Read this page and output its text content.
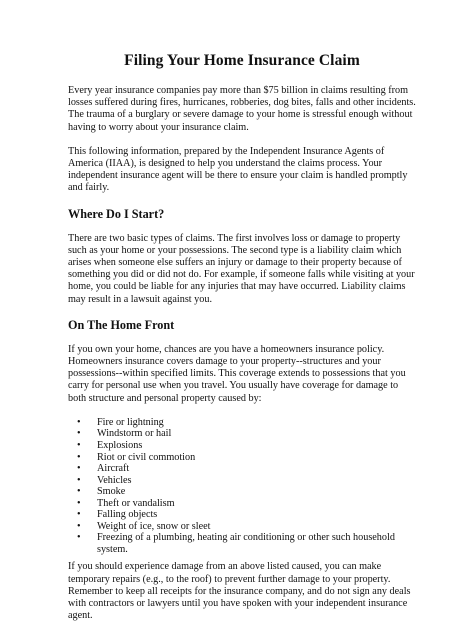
Filing Your Home Insurance Claim

Every year insurance companies pay more than $75 billion in claims resulting from losses suffered during fires, hurricanes, robberies, dog bites, falls and other incidents. The trauma of a burglary or severe damage to your home is stressful enough without having to worry about your insurance claim.

This following information, prepared by the Independent Insurance Agents of America (IIAA), is designed to help you understand the claims process. Your independent insurance agent will be there to ensure your claim is handled promptly and fairly.

Where Do I Start?

There are two basic types of claims. The first involves loss or damage to property such as your home or your possessions. The second type is a liability claim which arises when someone else suffers an injury or damage to their property because of something you did or did not do. For example, if someone falls while visiting at your home, you could be liable for any injuries that may have occurred. Liability claims may result in a lawsuit against you.

On The Home Front

If you own your home, chances are you have a homeowners insurance policy. Homeowners insurance covers damage to your property--structures and your possessions--within specified limits. This coverage extends to possessions that you carry for personal use when you travel. You usually have coverage for damage to both structure and personal property caused by:

• Fire or lightning
• Windstorm or hail
• Explosions
• Riot or civil commotion
• Aircraft
• Vehicles
• Smoke
• Theft or vandalism
• Falling objects
• Weight of ice, snow or sleet
• Freezing of a plumbing, heating air conditioning or other such household system.

If you should experience damage from an above listed caused, you can make temporary repairs (e.g., to the roof) to prevent further damage to your property. Remember to keep all receipts for the insurance company, and do not sign any deals with contractors or lawyers until you have spoken with your independent insurance agent.
